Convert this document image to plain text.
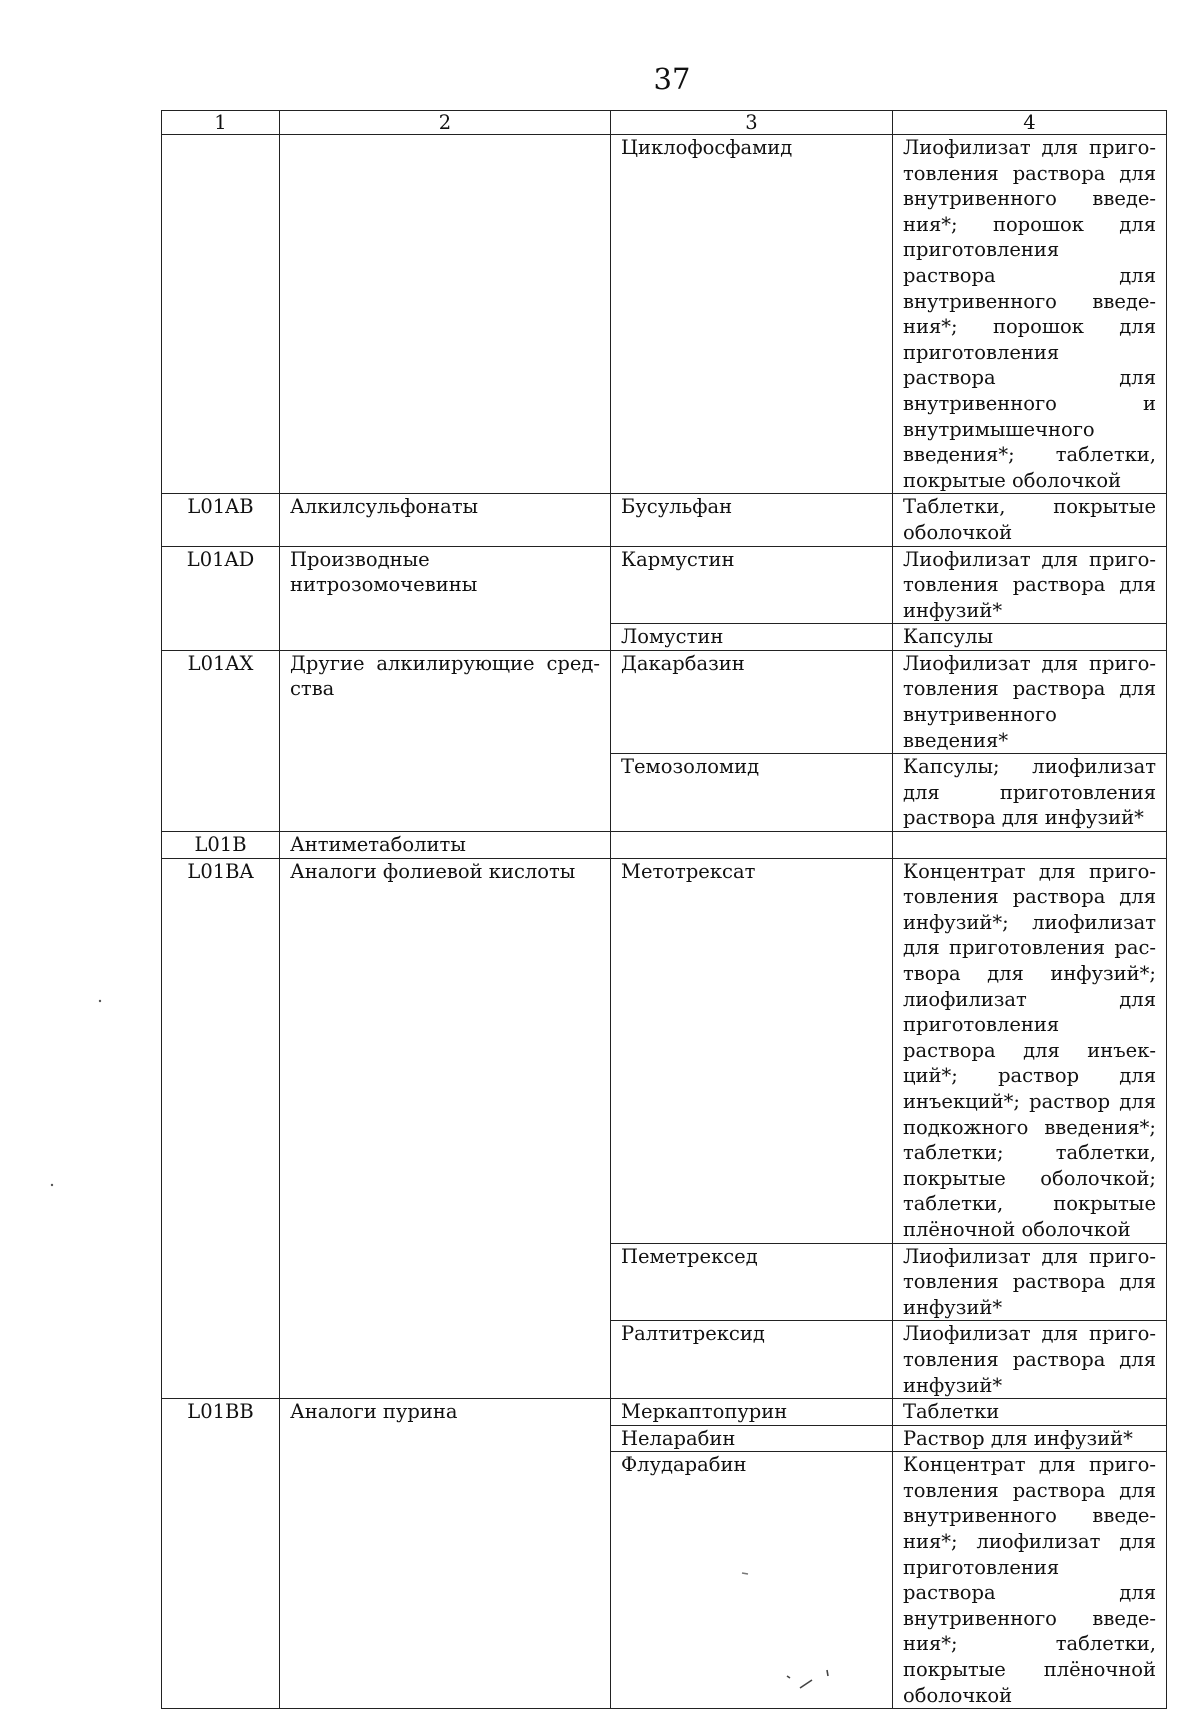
37
1	2	3	4
		Циклофосфамид	Лиофилизат для приготовления раствора для внутривенного введения*; порошок для приготовления раствора для внутривенного введения*; порошок для приготовления раствора для внутривенного и внутримышечного введения*; таблетки, покрытые оболочкой
L01AB	Алкилсульфонаты	Бусульфан	Таблетки, покрытые оболочкой
L01AD	Производные нитрозомочевины	Кармустин	Лиофилизат для приготовления раствора для инфузий*
		Ломустин	Капсулы
L01AX	Другие алкилирующие средства	Дакарбазин	Лиофилизат для приготовления раствора для внутривенного введения*
		Темозоломид	Капсулы; лиофилизат для приготовления раствора для инфузий*
L01B	Антиметаболиты		
L01BA	Аналоги фолиевой кислоты	Метотрексат	Концентрат для приготовления раствора для инфузий*; лиофилизат для приготовления раствора для инфузий*; лиофилизат для приготовления раствора для инъекций*; раствор для инъекций*; раствор для подкожного введения*; таблетки; таблетки, покрытые оболочкой; таблетки, покрытые плёночной оболочкой
		Пеметрексед	Лиофилизат для приготовления раствора для инфузий*
		Ралтитрексид	Лиофилизат для приготовления раствора для инфузий*
L01BB	Аналоги пурина	Меркаптопурин	Таблетки
		Неларабин	Раствор для инфузий*
		Флударабин	Концентрат для приготовления раствора для внутривенного введения*; лиофилизат для приготовления раствора для внутривенного введения*; таблетки, покрытые плёночной оболочкой
